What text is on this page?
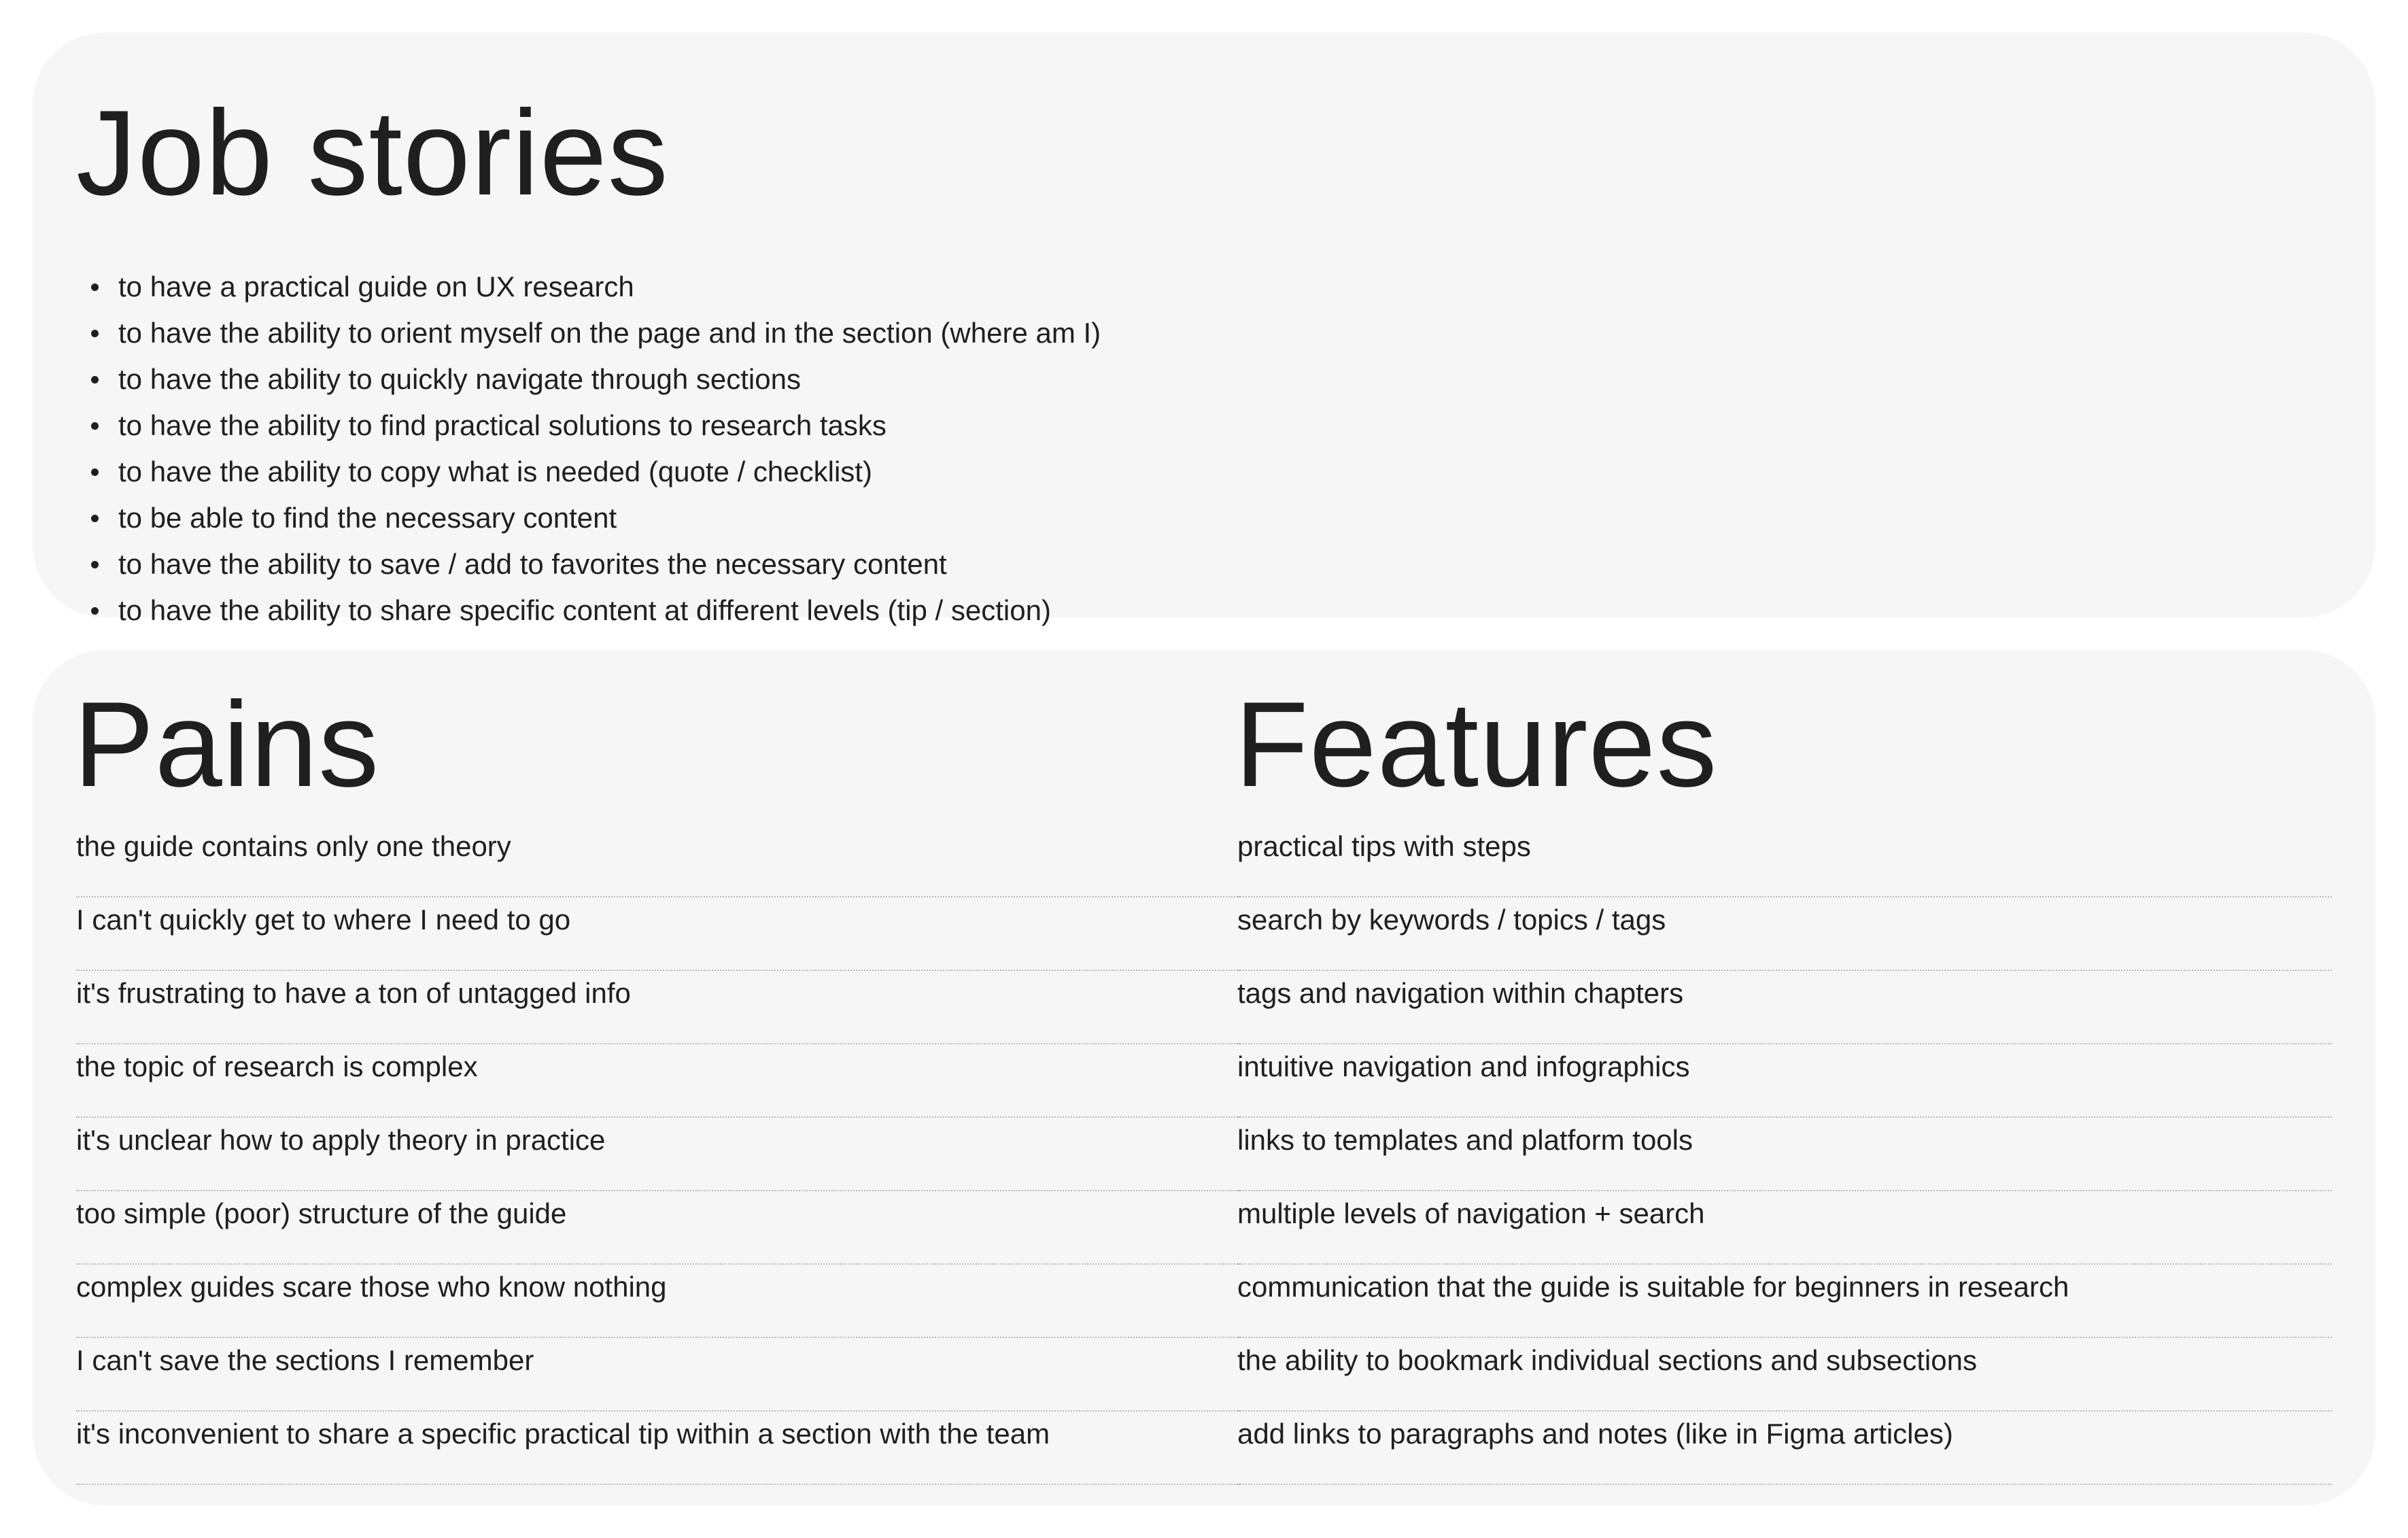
Job stories
to have a practical guide on UX research
to have the ability to orient myself on the page and in the section (where am I)
to have the ability to quickly navigate through sections
to have the ability to find practical solutions to research tasks
to have the ability to copy what is needed (quote / checklist)
to be able to find the necessary content
to have the ability to save / add to favorites the necessary content
to have the ability to share specific content at different levels (tip / section)
Pains
the guide contains only one theory
I can't quickly get to where I need to go
it's frustrating to have a ton of untagged info
the topic of research is complex
it's unclear how to apply theory in practice
too simple (poor) structure of the guide
complex guides scare those who know nothing
I can't save the sections I remember
it's inconvenient to share a specific practical tip within a section with the team
Features
practical tips with steps
search by keywords / topics / tags
tags and navigation within chapters
intuitive navigation and infographics
links to templates and platform tools
multiple levels of navigation + search
communication that the guide is suitable for beginners in research
the ability to bookmark individual sections and subsections
add links to paragraphs and notes (like in Figma articles)
